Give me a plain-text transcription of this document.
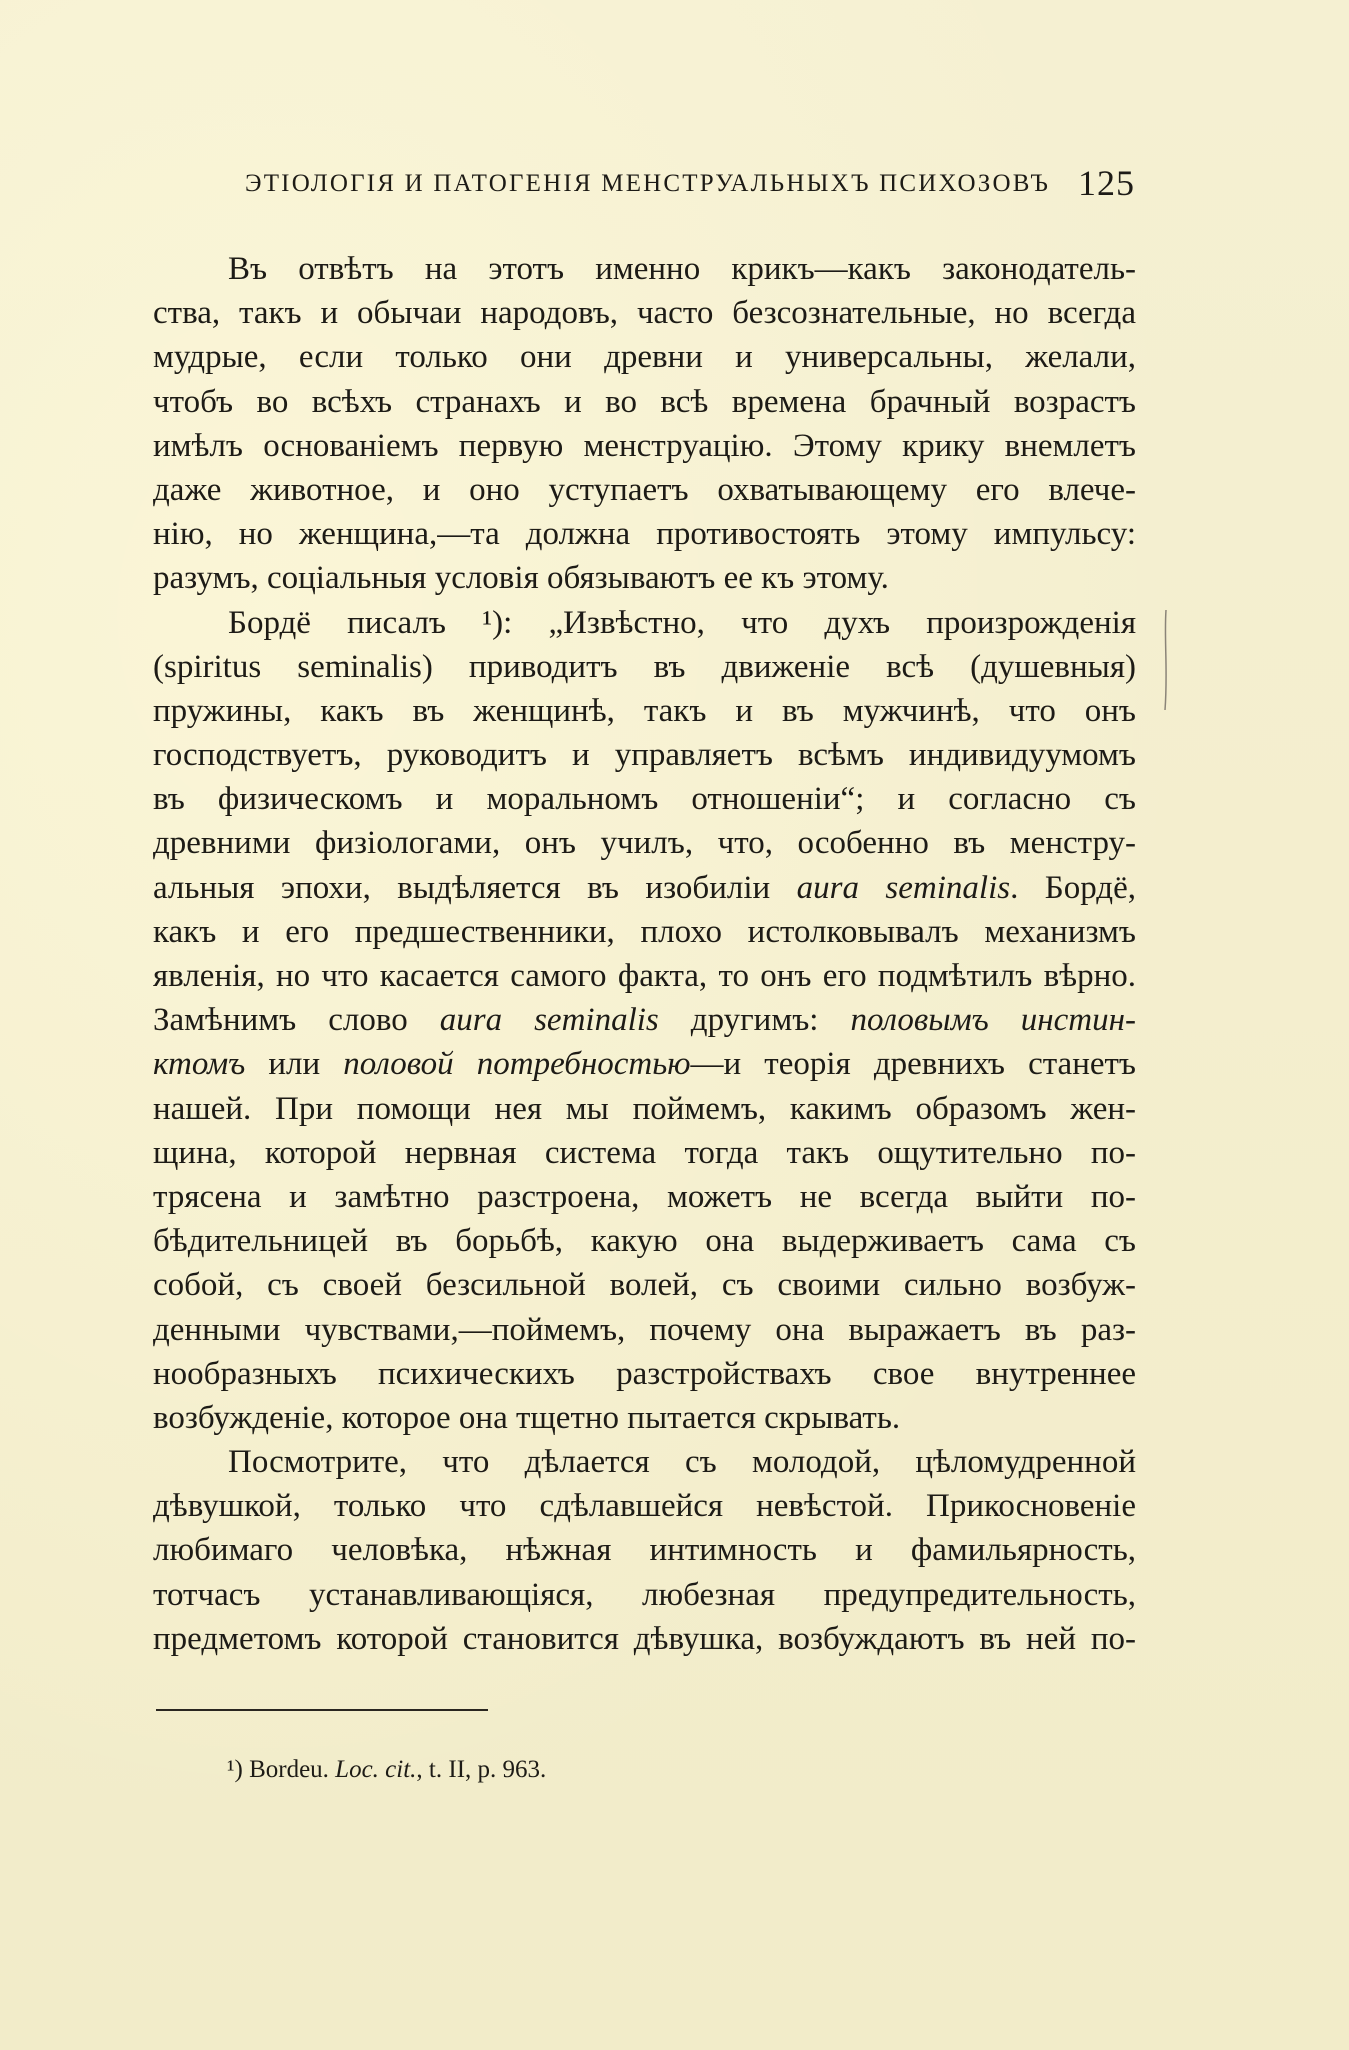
ЭТІОЛОГІЯ И ПАТОГЕНІЯ МЕНСТРУАЛЬНЫХЪ ПСИХОЗОВЪ 125
Въ отвѣтъ на этотъ именно крикъ—какъ законодатель-
ства, такъ и обычаи народовъ, часто безсознательные, но всегда
мудрые, если только они древни и универсальны, желали,
чтобъ во всѣхъ странахъ и во всѣ времена брачный возрастъ
имѣлъ основаніемъ первую менструацію. Этому крику внемлетъ
даже животное, и оно уступаетъ охватывающему его влече-
нію, но женщина,—та должна противостоять этому импульсу:
разумъ, соціальныя условія обязываютъ ее къ этому.
Бордё писалъ ¹): „Извѣстно, что духъ произрожденія
(spiritus seminalis) приводитъ въ движеніе всѣ (душевныя)
пружины, какъ въ женщинѣ, такъ и въ мужчинѣ, что онъ
господствуетъ, руководитъ и управляетъ всѣмъ индивидуумомъ
въ физическомъ и моральномъ отношеніи“; и согласно съ
древними физіологами, онъ училъ, что, особенно въ менстру-
альныя эпохи, выдѣляется въ изобиліи aura seminalis. Бордё,
какъ и его предшественники, плохо истолковывалъ механизмъ
явленія, но что касается самого факта, то онъ его подмѣтилъ вѣрно.
Замѣнимъ слово aura seminalis другимъ: половымъ инстин-
ктомъ или половой потребностью—и теорія древнихъ станетъ
нашей. При помощи нея мы поймемъ, какимъ образомъ жен-
щина, которой нервная система тогда такъ ощутительно по-
трясена и замѣтно разстроена, можетъ не всегда выйти по-
бѣдительницей въ борьбѣ, какую она выдерживаетъ сама съ
собой, съ своей безсильной волей, съ своими сильно возбуж-
денными чувствами,—поймемъ, почему она выражаетъ въ раз-
нообразныхъ психическихъ разстройствахъ свое внутреннее
возбужденіе, которое она тщетно пытается скрывать.
Посмотрите, что дѣлается съ молодой, цѣломудренной
дѣвушкой, только что сдѣлавшейся невѣстой. Прикосновеніе
любимаго человѣка, нѣжная интимность и фамильярность,
тотчасъ устанавливающіяся, любезная предупредительность,
предметомъ которой становится дѣвушка, возбуждаютъ въ ней по-
¹) Bordeu. Loc. cit., t. II, p. 963.
